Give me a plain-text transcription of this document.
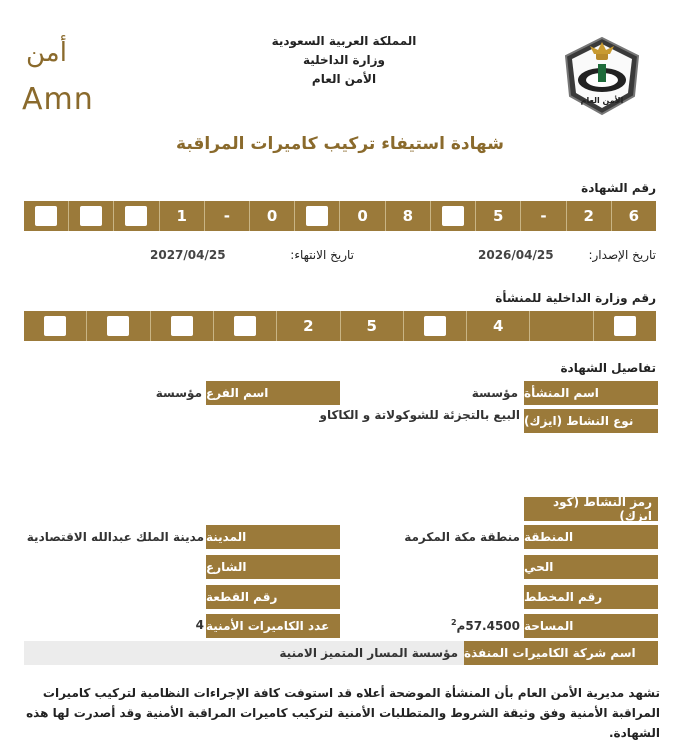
الأمن العام
المملكة العربية السعودية
وزارة الداخلية
الأمن العام
أمن
Amn
شهادة استيفاء تركيب كاميرات المراقبة
رقم الشهادة
6
2
-
5
8
0
0
-
1
تاريخ الإصدار:
2026/04/25
تاريخ الانتهاء:
2027/04/25
رقم وزارة الداخلية للمنشأة
4
5
2
تفاصيل الشهادة
اسم المنشأة
مؤسسة
اسم الفرع
مؤسسة
نوع النشاط (ايزك)
البيع بالتجزئة للشوكولاتة و الكاكاو
رمز النشاط (كود ايزك)
المنطقة
منطقة مكة المكرمة
المدينة
مدينة الملك عبدالله الاقتصادية
الحي
الشارع
رقم المخطط
رقم القطعة
المساحة
57.4500م$^2$
عدد الكاميرات الأمنية
4
اسم شركة الكاميرات المنفذة
مؤسسة المسار المتميز الامنية
تشهد مديرية الأمن العام بأن المنشأة الموضحة أعلاه قد استوفت كافة الإجراءات النظامية لتركيب كاميرات المراقبة الأمنية وفق وثيقة الشروط والمتطلبات الأمنية لتركيب كاميرات المراقبة الأمنية وقد أصدرت لها هذه الشهادة.
